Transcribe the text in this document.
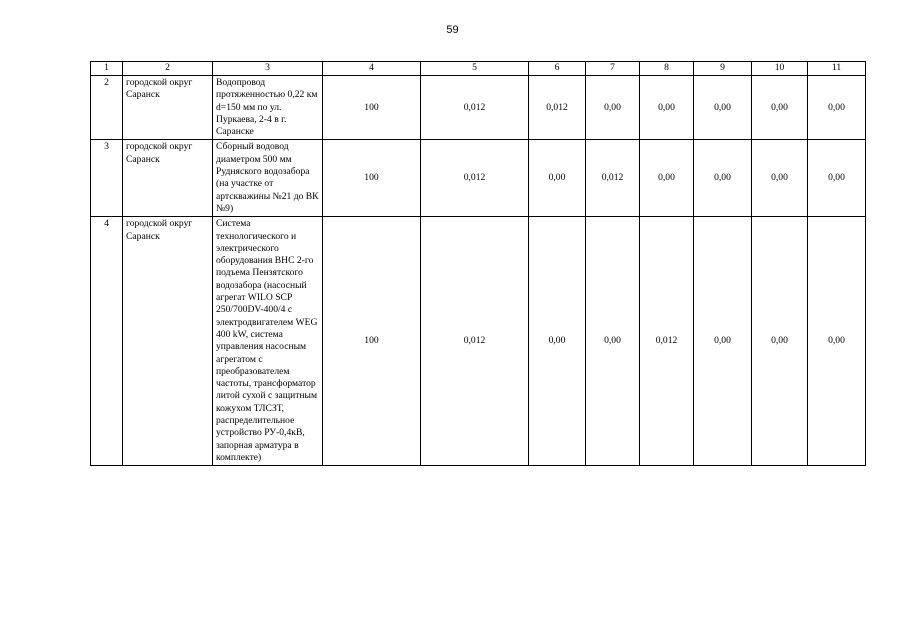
59
1	2	3	4	5	6	7	8	9	10	11
2	городской округ Саранск	Водопровод протяженностью 0,22 км d=150 мм по ул. Пуркаева, 2-4 в г. Саранске	100	0,012	0,012	0,00	0,00	0,00	0,00	0,00
3	городской округ Саранск	Сборный водовод диаметром 500 мм Рудняского водозабора (на участке от артскважины №21 до ВК №9)	100	0,012	0,00	0,012	0,00	0,00	0,00	0,00
4	городской округ Саранск	Система технологического и электрического оборудования ВНС 2-го подъема Пензятского водозабора (насосный агрегат WILO SCP 250/700DV-400/4 с электродвигателем WEG 400 kW, система управления насосным агрегатом с преобразователем частоты, трансформатор литой сухой с защитным кожухом ТЛСЗТ, распределительное устройство РУ-0,4кВ, запорная арматура в комплекте)	100	0,012	0,00	0,00	0,012	0,00	0,00	0,00
